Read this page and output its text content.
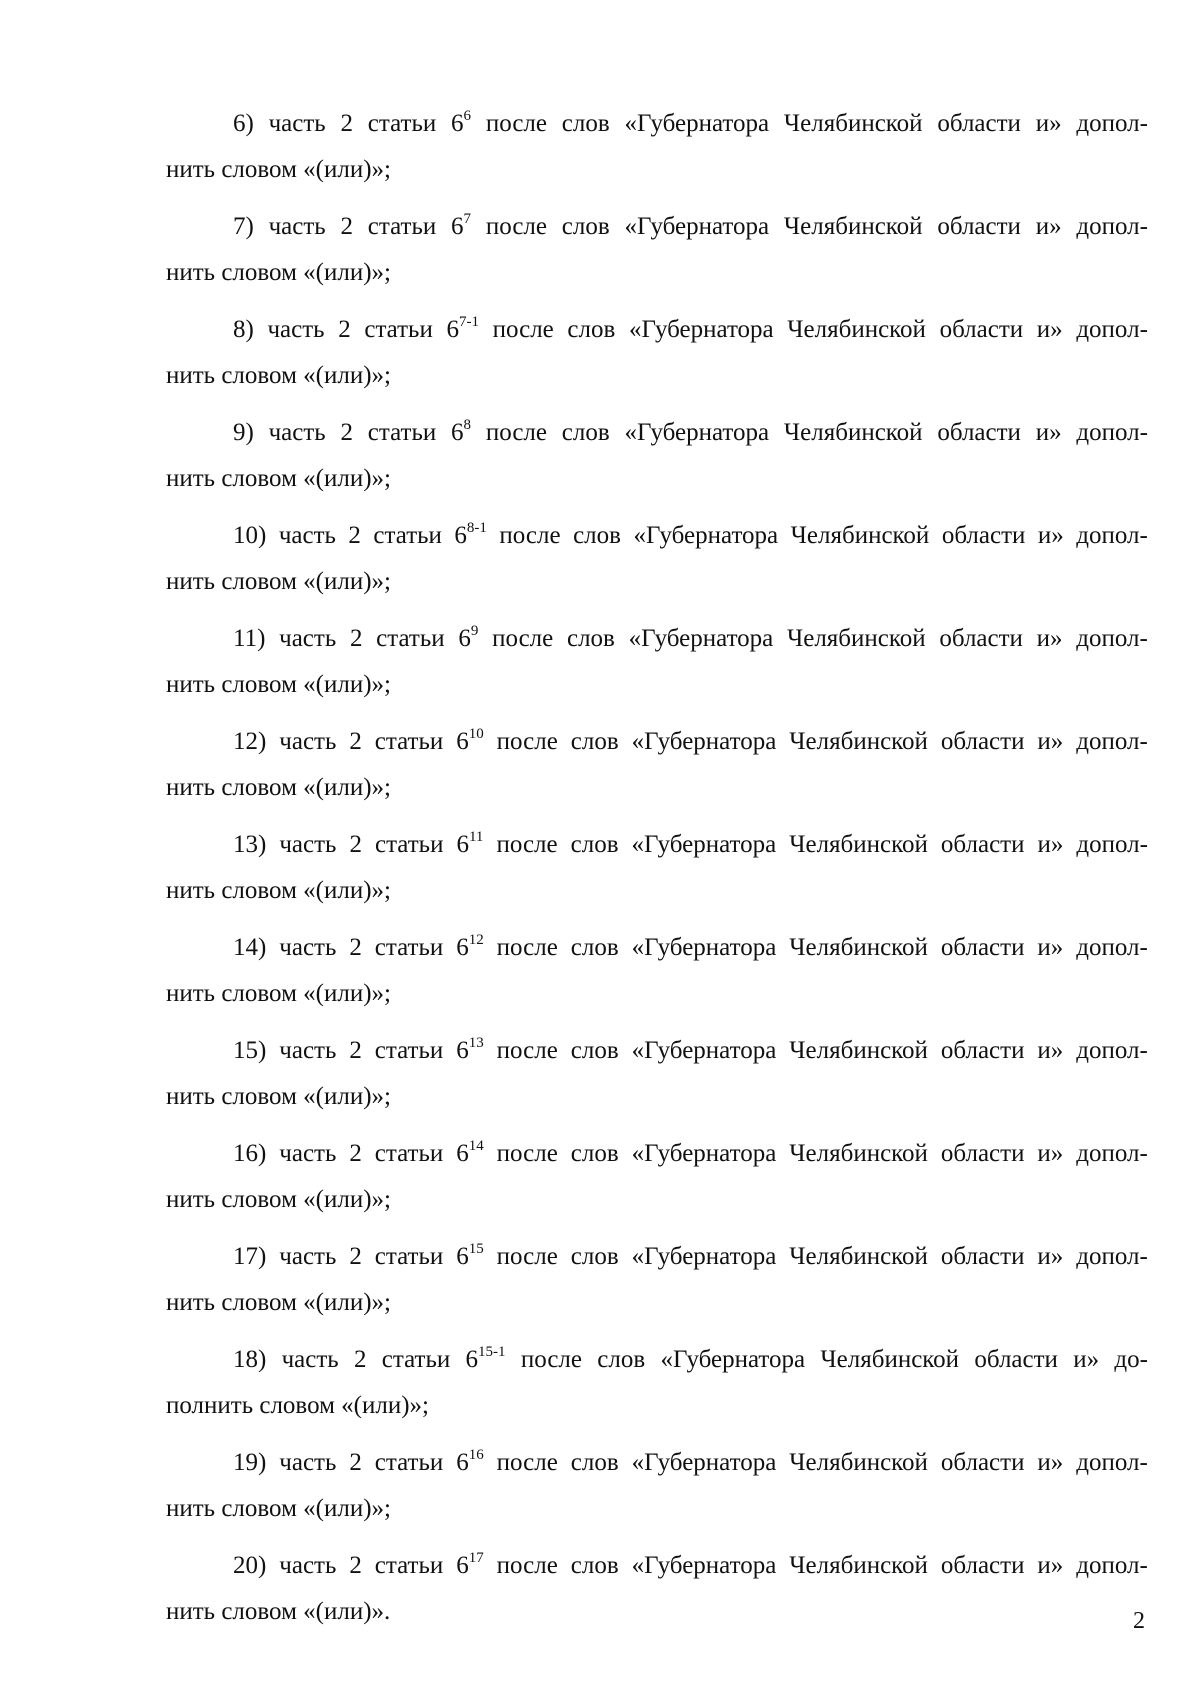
6) часть 2 статьи $6^6$ после слов «Губернатора Челябинской области и» допол-
нить словом «(или)»;
7) часть 2 статьи $6^7$ после слов «Губернатора Челябинской области и» допол-
нить словом «(или)»;
8) часть 2 статьи 6$^{7-1}$ после слов «Губернатора Челябинской области и» допол-
нить словом «(или)»;
9) часть 2 статьи $6^8$ после слов «Губернатора Челябинской области и» допол-
нить словом «(или)»;
10) часть 2 статьи 6$^{8-1}$ после слов «Губернатора Челябинской области и» допол-
нить словом «(или)»;
11) часть 2 статьи $6^9$ после слов «Губернатора Челябинской области и» допол-
нить словом «(или)»;
12) часть 2 статьи $6^{10}$ после слов «Губернатора Челябинской области и» допол-
нить словом «(или)»;
13) часть 2 статьи $6^{11}$ после слов «Губернатора Челябинской области и» допол-
нить словом «(или)»;
14) часть 2 статьи $6^{12}$ после слов «Губернатора Челябинской области и» допол-
нить словом «(или)»;
15) часть 2 статьи $6^{13}$ после слов «Губернатора Челябинской области и» допол-
нить словом «(или)»;
16) часть 2 статьи $6^{14}$ после слов «Губернатора Челябинской области и» допол-
нить словом «(или)»;
17) часть 2 статьи $6^{15}$ после слов «Губернатора Челябинской области и» допол-
нить словом «(или)»;
18) часть 2 статьи 6$^{15-1}$ после слов «Губернатора Челябинской области и» до-
полнить словом «(или)»;
19) часть 2 статьи $6^{16}$ после слов «Губернатора Челябинской области и» допол-
нить словом «(или)»;
20) часть 2 статьи $6^{17}$ после слов «Губернатора Челябинской области и» допол-
нить словом «(или)».	2
